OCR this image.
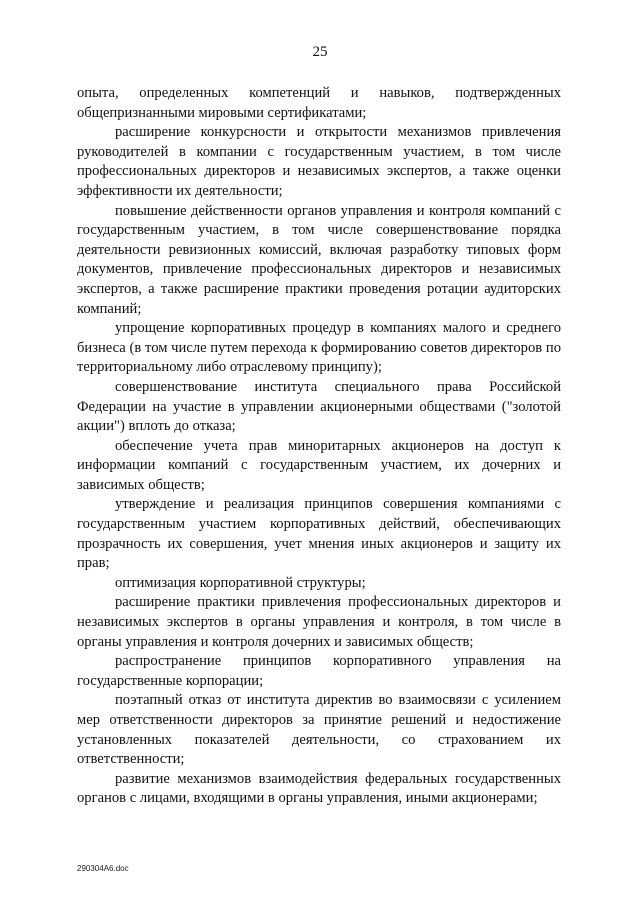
25

опыта, определенных компетенций и навыков, подтвержденных общепризнанными мировыми сертификатами;

расширение конкурсности и открытости механизмов привлечения руководителей в компании с государственным участием, в том числе профессиональных директоров и независимых экспертов, а также оценки эффективности их деятельности;

повышение действенности органов управления и контроля компаний с государственным участием, в том числе совершенствование порядка деятельности ревизионных комиссий, включая разработку типовых форм документов, привлечение профессиональных директоров и независимых экспертов, а также расширение практики проведения ротации аудиторских компаний;

упрощение корпоративных процедур в компаниях малого и среднего бизнеса (в том числе путем перехода к формированию советов директоров по территориальному либо отраслевому принципу);

совершенствование института специального права Российской Федерации на участие в управлении акционерными обществами ("золотой акции") вплоть до отказа;

обеспечение учета прав миноритарных акционеров на доступ к информации компаний с государственным участием, их дочерних и зависимых обществ;

утверждение и реализация принципов совершения компаниями с государственным участием корпоративных действий, обеспечивающих прозрачность их совершения, учет мнения иных акционеров и защиту их прав;

оптимизация корпоративной структуры;

расширение практики привлечения профессиональных директоров и независимых экспертов в органы управления и контроля, в том числе в органы управления и контроля дочерних и зависимых обществ;

распространение принципов корпоративного управления на государственные корпорации;

поэтапный отказ от института директив во взаимосвязи с усилением мер ответственности директоров за принятие решений и недостижение установленных показателей деятельности, со страхованием их ответственности;

развитие механизмов взаимодействия федеральных государственных органов с лицами, входящими в органы управления, иными акционерами;

290304A6.doc
